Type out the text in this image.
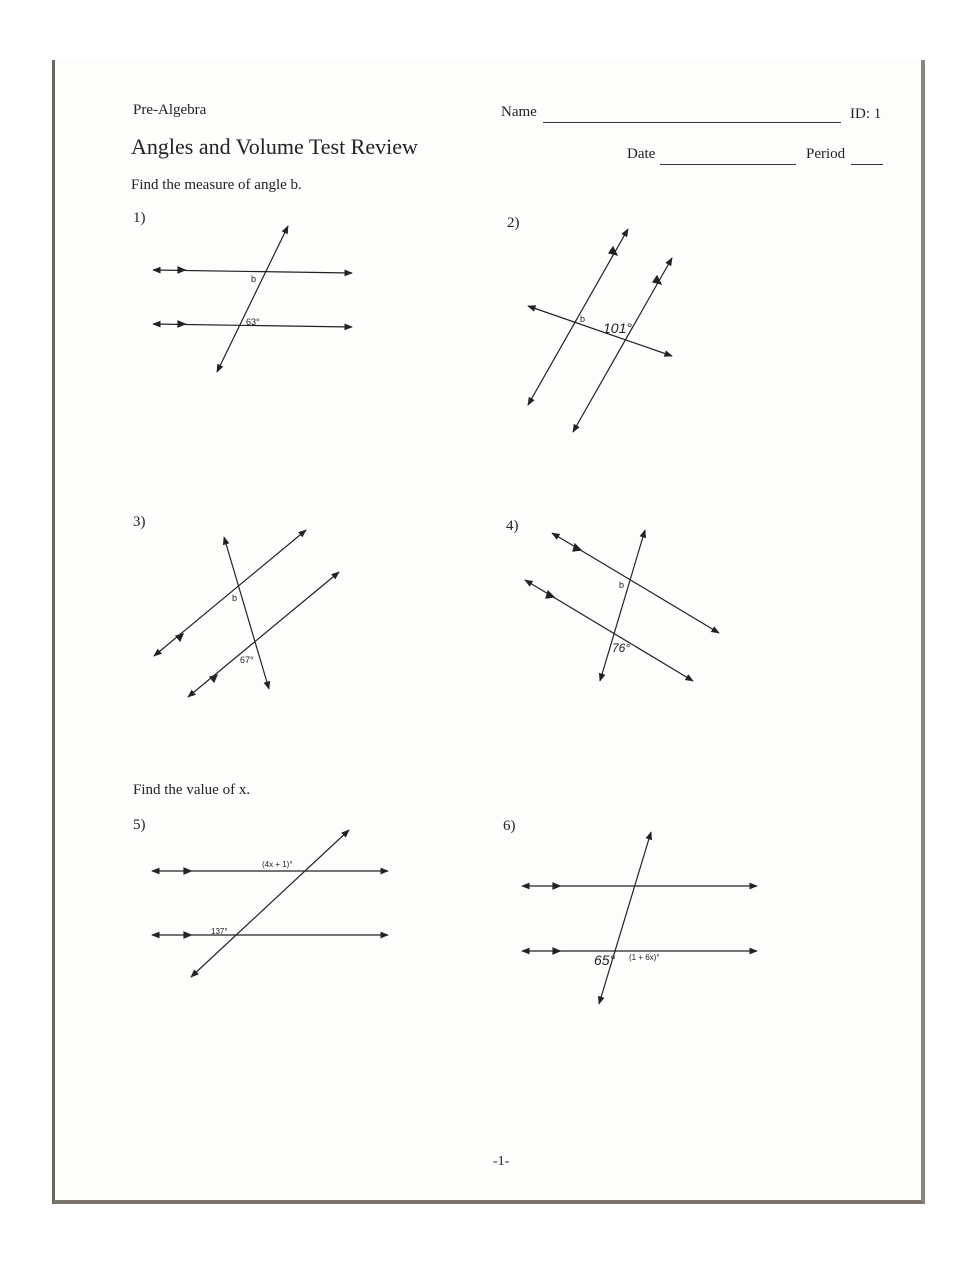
Pre-Algebra
Angles and Volume Test Review
Find the measure of angle b.
Name	ID: 1
Date	Period
1)	2)
3)	4)
Find the value of x.
5)	6)
-1-
b
63°	b
101°
b
67°
b
76°
(4x + 1)°
137°
65° (1 + 6x)°
